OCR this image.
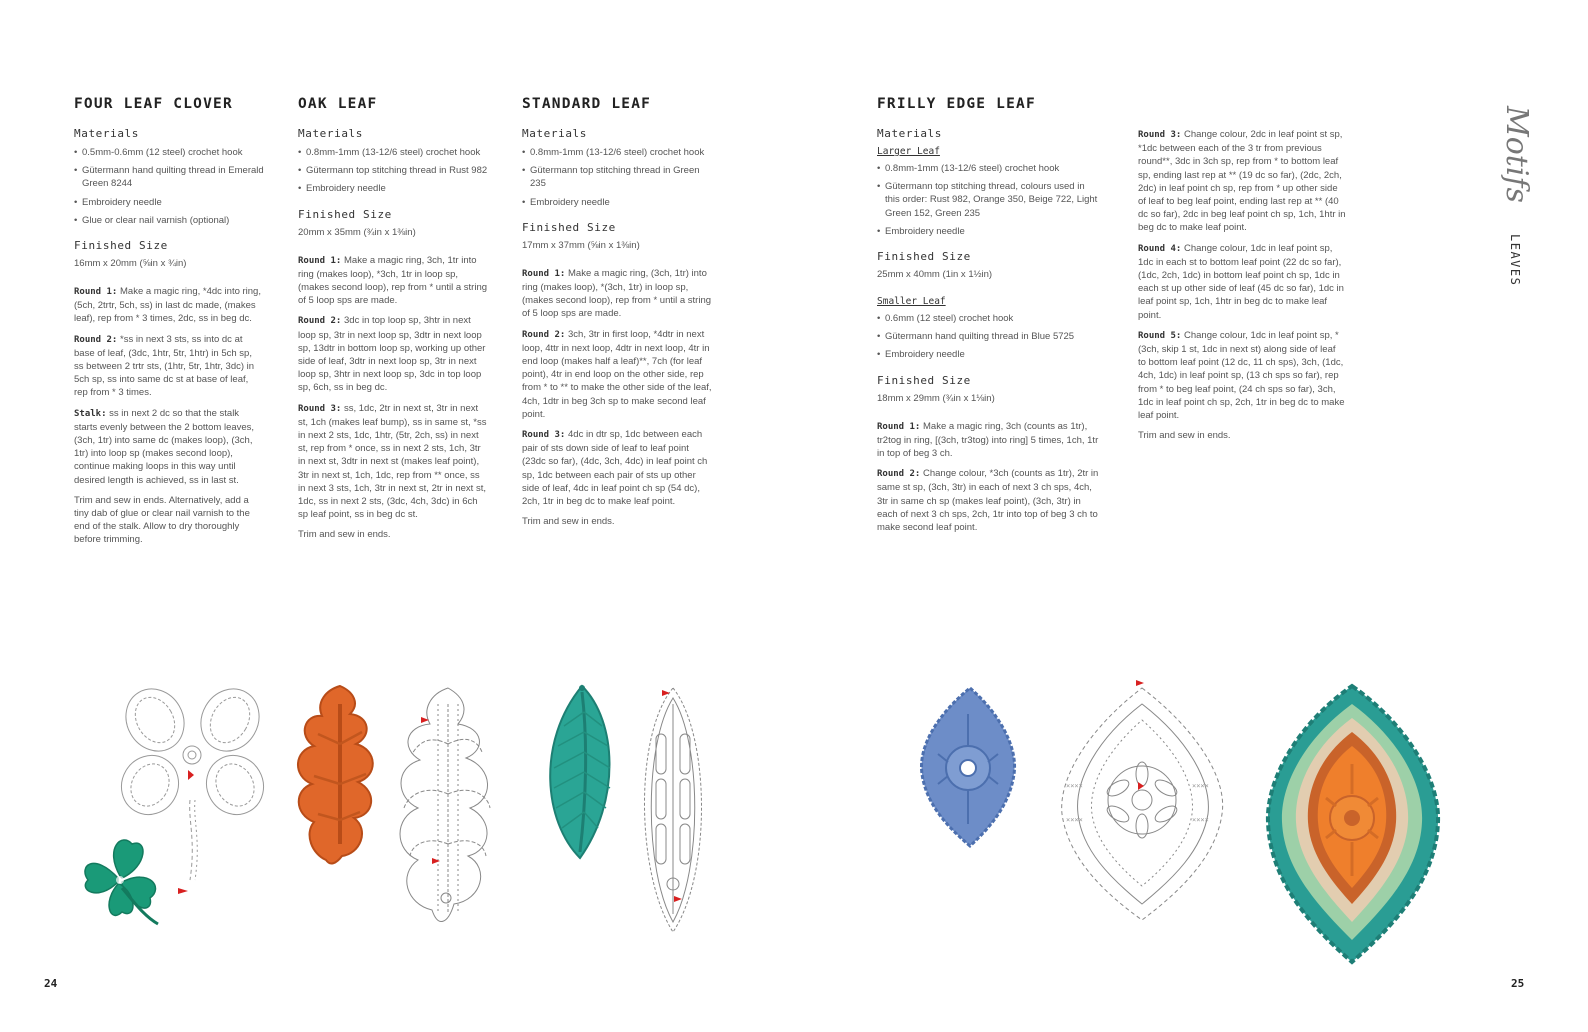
FOUR LEAF CLOVER
Materials
• 0.5mm-0.6mm (12 steel) crochet hook
• Gütermann hand quilting thread in Emerald Green 8244
• Embroidery needle
• Glue or clear nail varnish (optional)
Finished Size
16mm x 20mm (⅝in x ¾in)

Round 1: Make a magic ring, *4dc into ring, (5ch, 2trtr, 5ch, ss) in last dc made, (makes leaf), rep from * 3 times, 2dc, ss in beg dc.

Round 2: *ss in next 3 sts, ss into dc at base of leaf, (3dc, 1htr, 5tr, 1htr) in 5ch sp, ss between 2 trtr sts, (1htr, 5tr, 1htr, 3dc) in 5ch sp, ss into same dc st at base of leaf, rep from * 3 times.

Stalk: ss in next 2 dc so that the stalk starts evenly between the 2 bottom leaves, (3ch, 1tr) into same dc (makes loop), (3ch, 1tr) into loop sp (makes second loop), continue making loops in this way until desired length is achieved, ss in last st.

Trim and sew in ends. Alternatively, add a tiny dab of glue or clear nail varnish to the end of the stalk. Allow to dry thoroughly before trimming.

OAK LEAF
Materials
• 0.8mm-1mm (13-12/6 steel) crochet hook
• Gütermann top stitching thread in Rust 982
• Embroidery needle
Finished Size
20mm x 35mm (¾in x 1⅜in)

Round 1: Make a magic ring, 3ch, 1tr into ring (makes loop), *3ch, 1tr in loop sp, (makes second loop), rep from * until a string of 5 loop sps are made.

Round 2: 3dc in top loop sp, 3htr in next loop sp, 3tr in next loop sp, 3dtr in next loop sp, 13dtr in bottom loop sp, working up other side of leaf, 3dtr in next loop sp, 3tr in next loop sp, 3htr in next loop sp, 3dc in top loop sp, 6ch, ss in beg dc.

Round 3: ss, 1dc, 2tr in next st, 3tr in next st, 1ch (makes leaf bump), ss in same st, *ss in next 2 sts, 1dc, 1htr, (5tr, 2ch, ss) in next st, rep from * once, ss in next 2 sts, 1ch, 3tr in next st, 3dtr in next st (makes leaf point), 3tr in next st, 1ch, 1dc, rep from ** once, ss in next 3 sts, 1ch, 3tr in next st, 2tr in next st, 1dc, ss in next 2 sts, (3dc, 4ch, 3dc) in 6ch sp leaf point, ss in beg dc st.

Trim and sew in ends.

STANDARD LEAF
Materials
• 0.8mm-1mm (13-12/6 steel) crochet hook
• Gütermann top stitching thread in Green 235
• Embroidery needle
Finished Size
17mm x 37mm (⅝in x 1⅜in)

Round 1: Make a magic ring, (3ch, 1tr) into ring (makes loop), *(3ch, 1tr) in loop sp, (makes second loop), rep from * until a string of 5 loop sps are made.

Round 2: 3ch, 3tr in first loop, *4dtr in next loop, 4ttr in next loop, 4dtr in next loop, 4tr in end loop (makes half a leaf)**, 7ch (for leaf point), 4tr in end loop on the other side, rep from * to ** to make the other side of the leaf, 4ch, 1dtr in beg 3ch sp to make second leaf point.

Round 3: 4dc in dtr sp, 1dc between each pair of sts down side of leaf to leaf point (23dc so far), (4dc, 3ch, 4dc) in leaf point ch sp, 1dc between each pair of sts up other side of leaf, 4dc in leaf point ch sp (54 dc), 2ch, 1tr in beg dc to make leaf point.

Trim and sew in ends.

FRILLY EDGE LEAF
Materials
Larger Leaf
• 0.8mm-1mm (13-12/6 steel) crochet hook
• Gütermann top stitching thread, colours used in this order: Rust 982, Orange 350, Beige 722, Light Green 152, Green 235
• Embroidery needle
Finished Size
25mm x 40mm (1in x 1½in)
Smaller Leaf
• 0.6mm (12 steel) crochet hook
• Gütermann hand quilting thread in Blue 5725
• Embroidery needle
Finished Size
18mm x 29mm (¾in x 1⅛in)

Round 1: Make a magic ring, 3ch (counts as 1tr), tr2tog in ring, [(3ch, tr3tog) into ring] 5 times, 1ch, 1tr in top of beg 3 ch.

Round 2: Change colour, *3ch (counts as 1tr), 2tr in same st sp, (3ch, 3tr) in each of next 3 ch sps, 4ch, 3tr in same ch sp (makes leaf point), (3ch, 3tr) in each of next 3 ch sps, 2ch, 1tr into top of beg 3 ch to make second leaf point.

Round 3: Change colour, 2dc in leaf point st sp, *1dc between each of the 3 tr from previous round**, 3dc in 3ch sp, rep from * to bottom leaf sp, ending last rep at ** (19 dc so far), (2dc, 2ch, 2dc) in leaf point ch sp, rep from * up other side of leaf to beg leaf point, ending last rep at ** (40 dc so far), 2dc in beg leaf point ch sp, 1ch, 1htr in beg dc to make leaf point.

Round 4: Change colour, 1dc in leaf point sp, 1dc in each st to bottom leaf point (22 dc so far), (1dc, 2ch, 1dc) in bottom leaf point ch sp, 1dc in each st up other side of leaf (45 dc so far), 1dc in leaf point sp, 1ch, 1htr in beg dc to make leaf point.

Round 5: Change colour, 1dc in leaf point sp, *(3ch, skip 1 st, 1dc in next st) along side of leaf to bottom leaf point (12 dc, 11 ch sps), 3ch, (1dc, 4ch, 1dc) in leaf point sp, (13 ch sps so far), rep from * to beg leaf point, (24 ch sps so far), 3ch, 1dc in leaf point ch sp, 2ch, 1tr in beg dc to make leaf point.

Trim and sew in ends.

Motifs
LEAVES
××××
××××
××××
××××
24	25
